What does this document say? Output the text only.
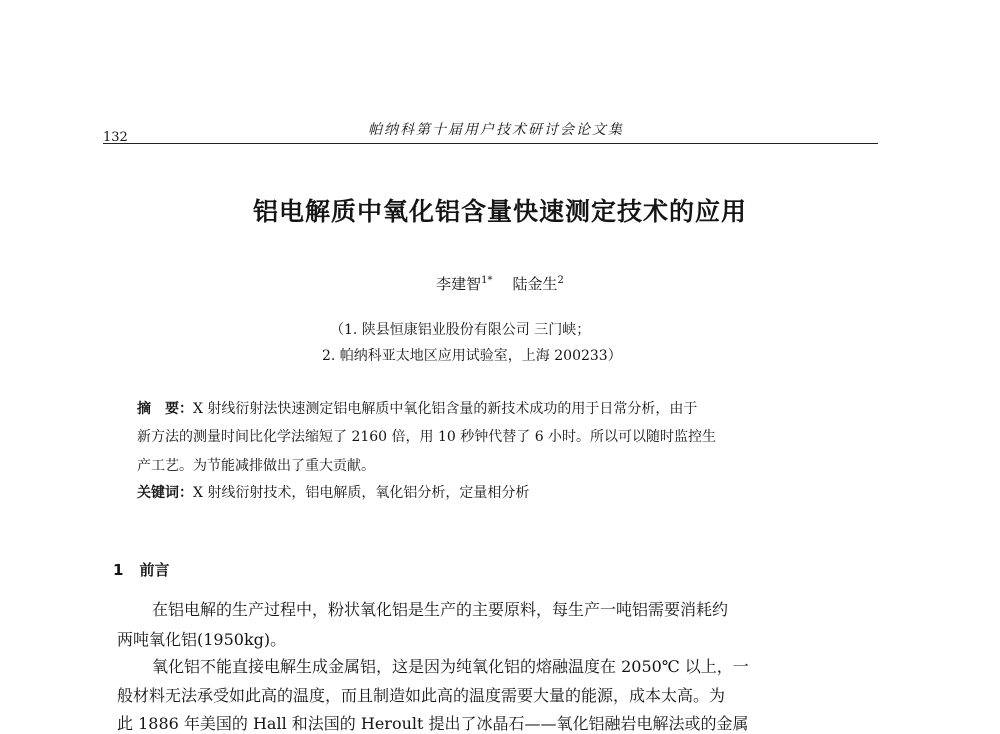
132	帕纳科第十届用户技术研讨会论文集
铝电解质中氧化铝含量快速测定技术的应用
李建智$^{1*}$ 陆金生$^2$
（1. 陕县恒康铝业股份有限公司 三门峡；
2. 帕纳科亚太地区应用试验室，上海 200233）
摘　要：X 射线衍射法快速测定铝电解质中氧化铝含量的新技术成功的用于日常分析，由于
新方法的测量时间比化学法缩短了 2160 倍，用 10 秒钟代替了 6 小时。所以可以随时监控生
产工艺。为节能减排做出了重大贡献。
关键词：X 射线衍射技术，铝电解质，氧化铝分析，定量相分析
1 前言
在铝电解的生产过程中，粉状氧化铝是生产的主要原料，每生产一吨铝需要消耗约
两吨氧化铝(1950kg)。
氧化铝不能直接电解生成金属铝，这是因为纯氧化铝的熔融温度在 2050℃ 以上，一
般材料无法承受如此高的温度，而且制造如此高的温度需要大量的能源，成本太高。为
此 1886 年美国的 Hall 和法国的 Heroult 提出了冰晶石——氧化铝融岩电解法或的金属
